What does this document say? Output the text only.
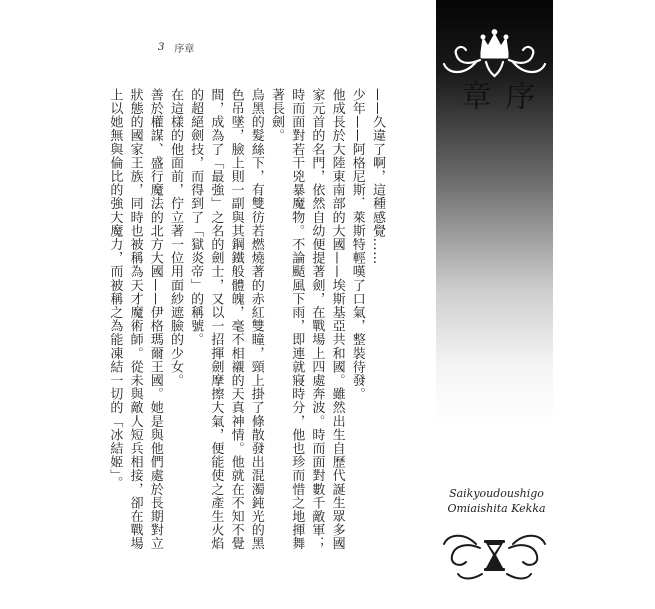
3 序章

——久違了啊，這種感覺……

少年——阿格尼斯．萊斯特輕嘆了口氣，整裝待發。

他成長於大陸東南部的大國——埃斯基亞共和國。雖然出生自歷代誕生眾多國家元首的名門，依然自幼便提著劍，在戰場上四處奔波。時而面對數千敵軍；時而面對若干兇暴魔物。不論颳風下雨，即連就寢時分，他也珍而惜之地揮舞著長劍。

烏黑的髮絲下，有雙彷若燃燒著的赤紅雙瞳，頸上掛了條散發出混濁鈍光的黑色吊墜，臉上則一副與其鋼鐵般體魄，毫不相襯的天真神情。他就在不知不覺間，成為了「最強」之名的劍士，又以一招揮劍摩擦大氣，便能使之產生火焰的超絕劍技，而得到了「獄炎帝」的稱號。

在這樣的他面前，佇立著一位用面紗遮臉的少女。

善於權謀、盛行魔法的北方大國——伊格瑪爾王國。她是與他們處於長期對立狀態的國家王族，同時也被稱為天才魔術師。從未與敵人短兵相接，卻在戰場上以她無與倫比的強大魔力，而被稱之為能凍結一切的「冰結姬」。	序章
Saikyoudoushigo
Omiaishita Kekka
